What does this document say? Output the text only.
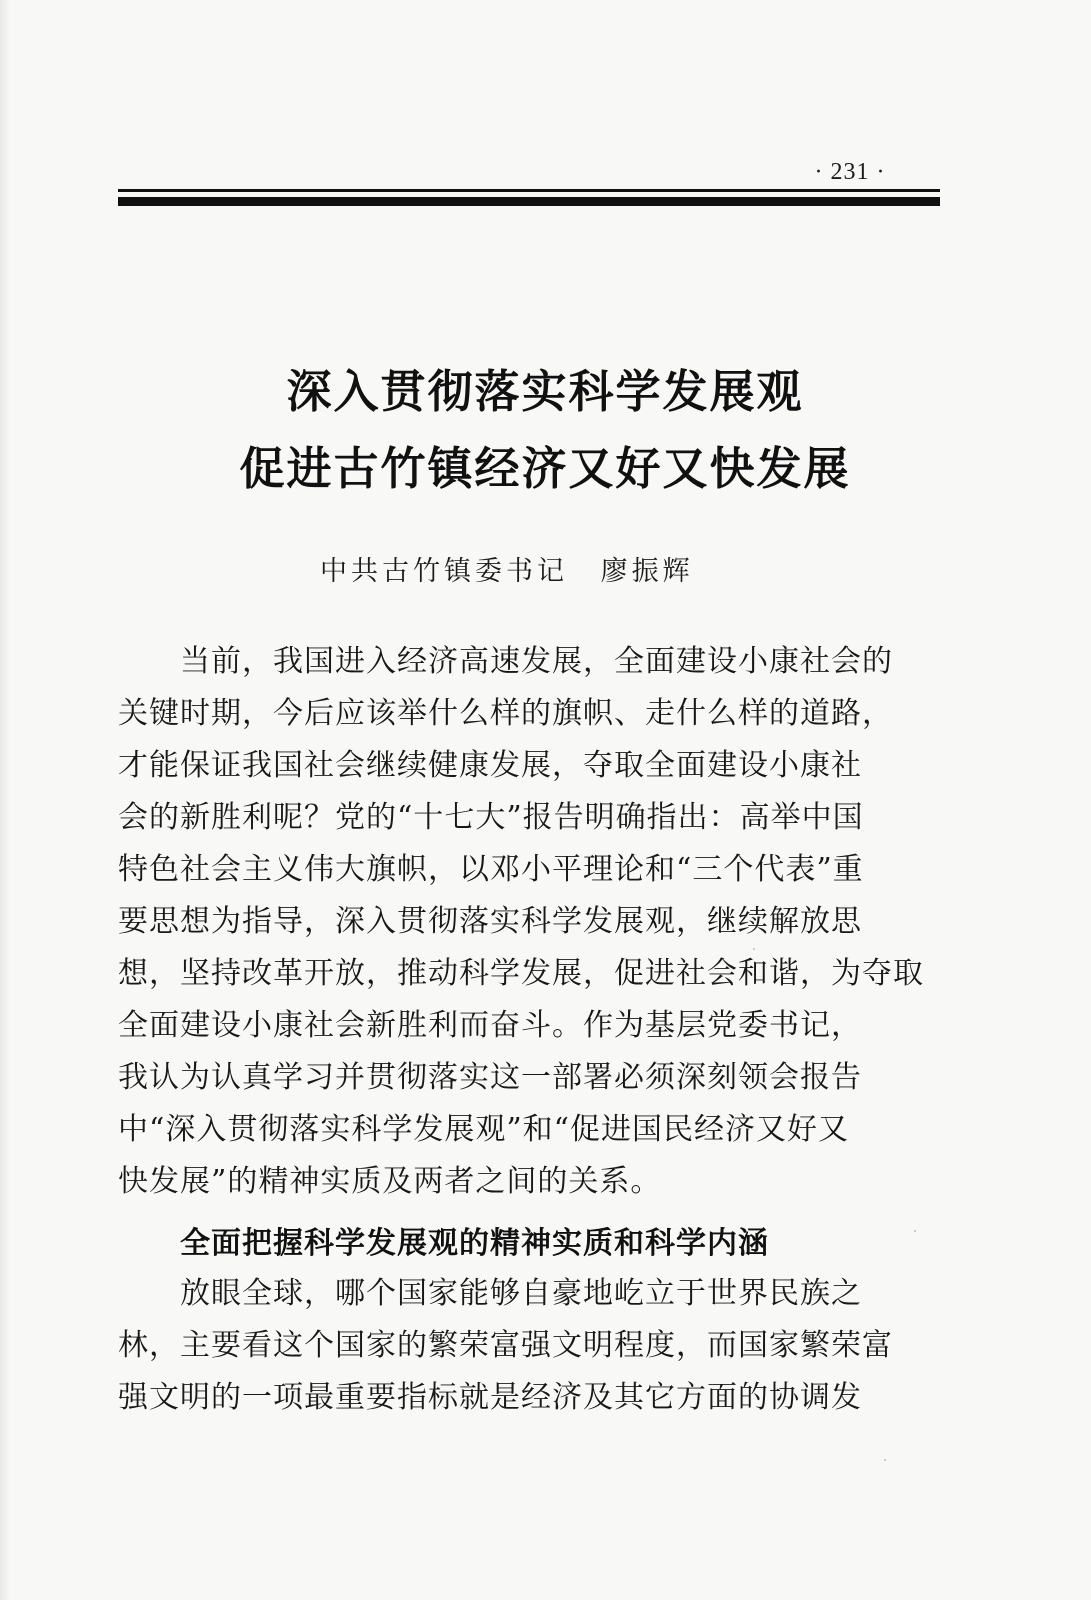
· 231 ·
深入贯彻落实科学发展观
促进古竹镇经济又好又快发展
中共古竹镇委书记 廖振辉
当前，我国进入经济高速发展，全面建设小康社会的
关键时期，今后应该举什么样的旗帜、走什么样的道路，
才能保证我国社会继续健康发展，夺取全面建设小康社
会的新胜利呢？党的“十七大”报告明确指出：高举中国
特色社会主义伟大旗帜，以邓小平理论和“三个代表”重
要思想为指导，深入贯彻落实科学发展观，继续解放思
想，坚持改革开放，推动科学发展，促进社会和谐，为夺取
全面建设小康社会新胜利而奋斗。作为基层党委书记，
我认为认真学习并贯彻落实这一部署必须深刻领会报告
中“深入贯彻落实科学发展观”和“促进国民经济又好又
快发展”的精神实质及两者之间的关系。
全面把握科学发展观的精神实质和科学内涵
放眼全球，哪个国家能够自豪地屹立于世界民族之
林，主要看这个国家的繁荣富强文明程度，而国家繁荣富
强文明的一项最重要指标就是经济及其它方面的协调发
